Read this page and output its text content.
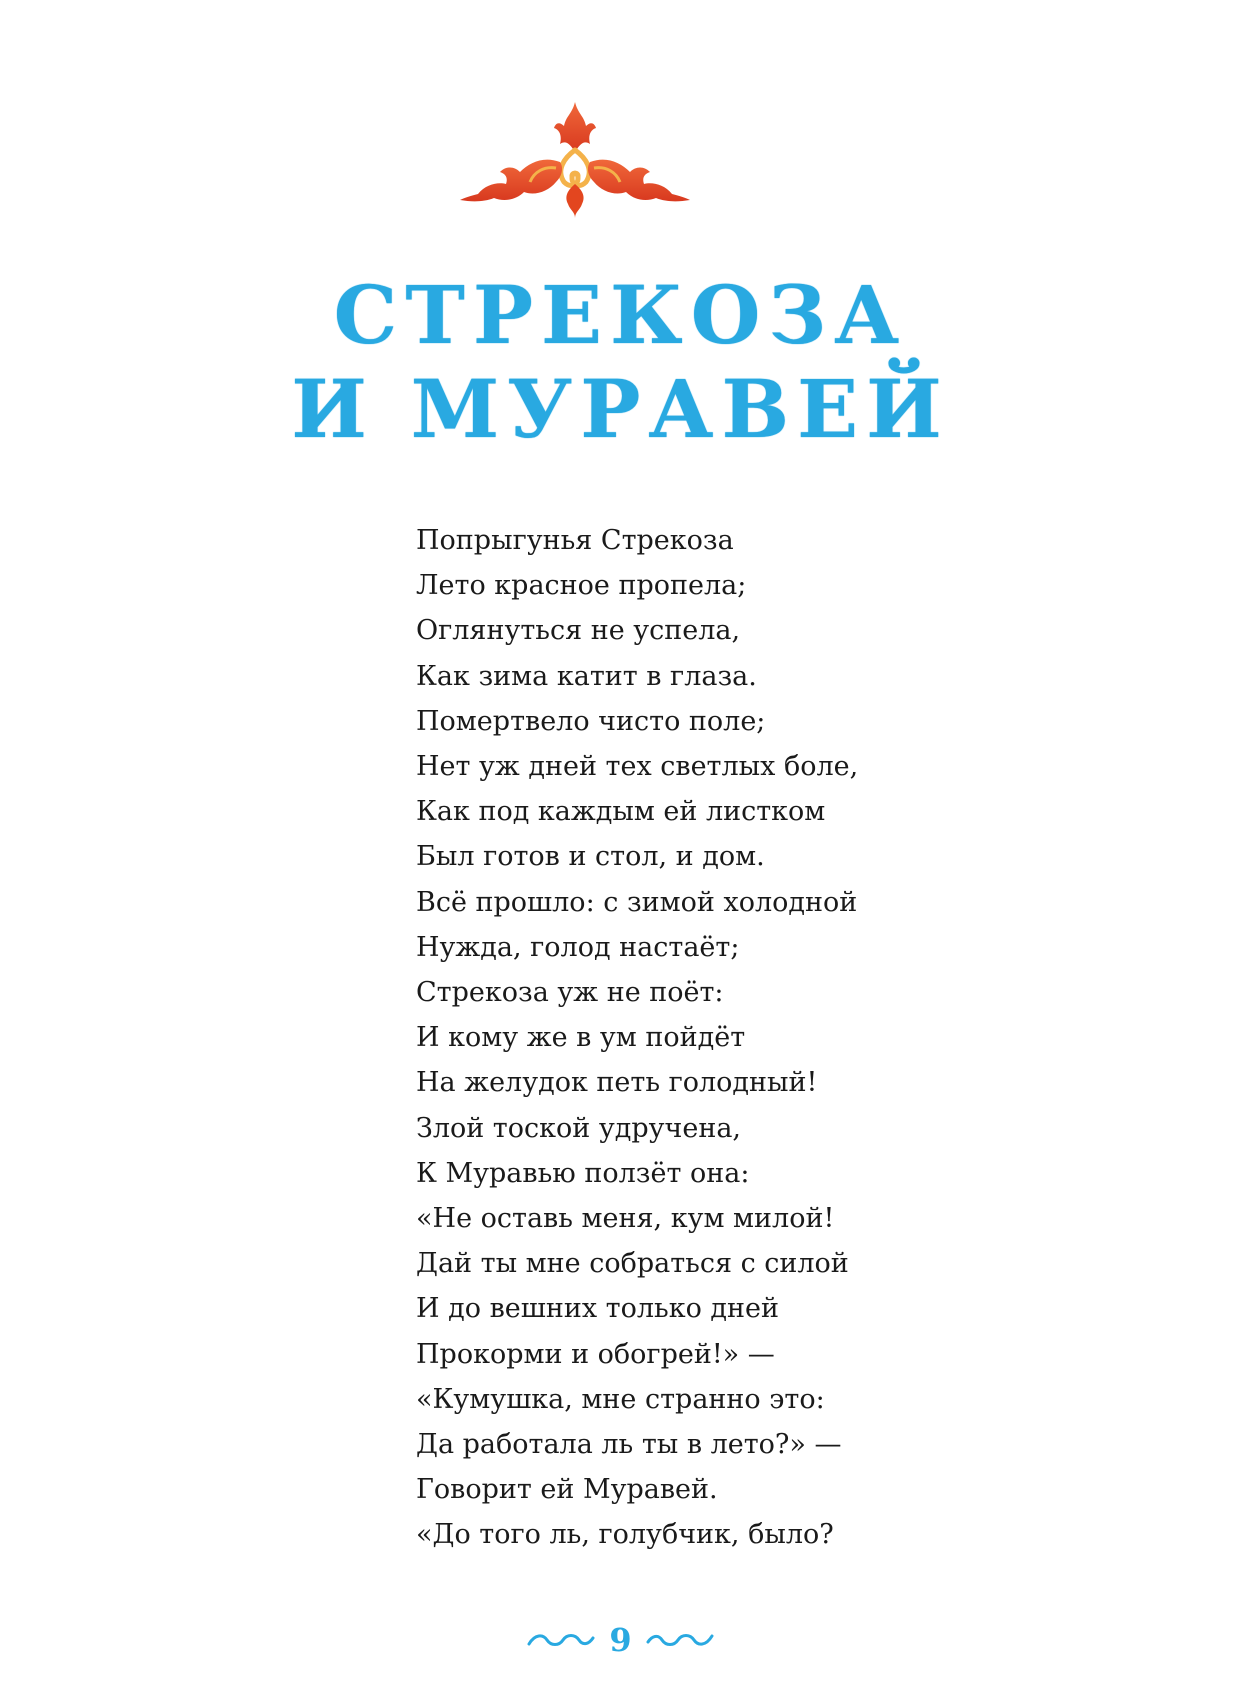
СТРЕКОЗА
И МУРАВЕЙ
Попрыгунья Стрекоза
Лето красное пропела;
Оглянуться не успела,
Как зима катит в глаза.
Помертвело чисто поле;
Нет уж дней тех светлых боле,
Как под каждым ей листком
Был готов и стол, и дом.
Всё прошло: с зимой холодной
Нужда, голод настаёт;
Стрекоза уж не поёт:
И кому же в ум пойдёт
На желудок петь голодный!
Злой тоской удручена,
К Муравью ползёт она:
«Не оставь меня, кум милой!
Дай ты мне собраться с силой
И до вешних только дней
Прокорми и обогрей!» —
«Кумушка, мне странно это:
Да работала ль ты в лето?» —
Говорит ей Муравей.
«До того ль, голубчик, было?
9
